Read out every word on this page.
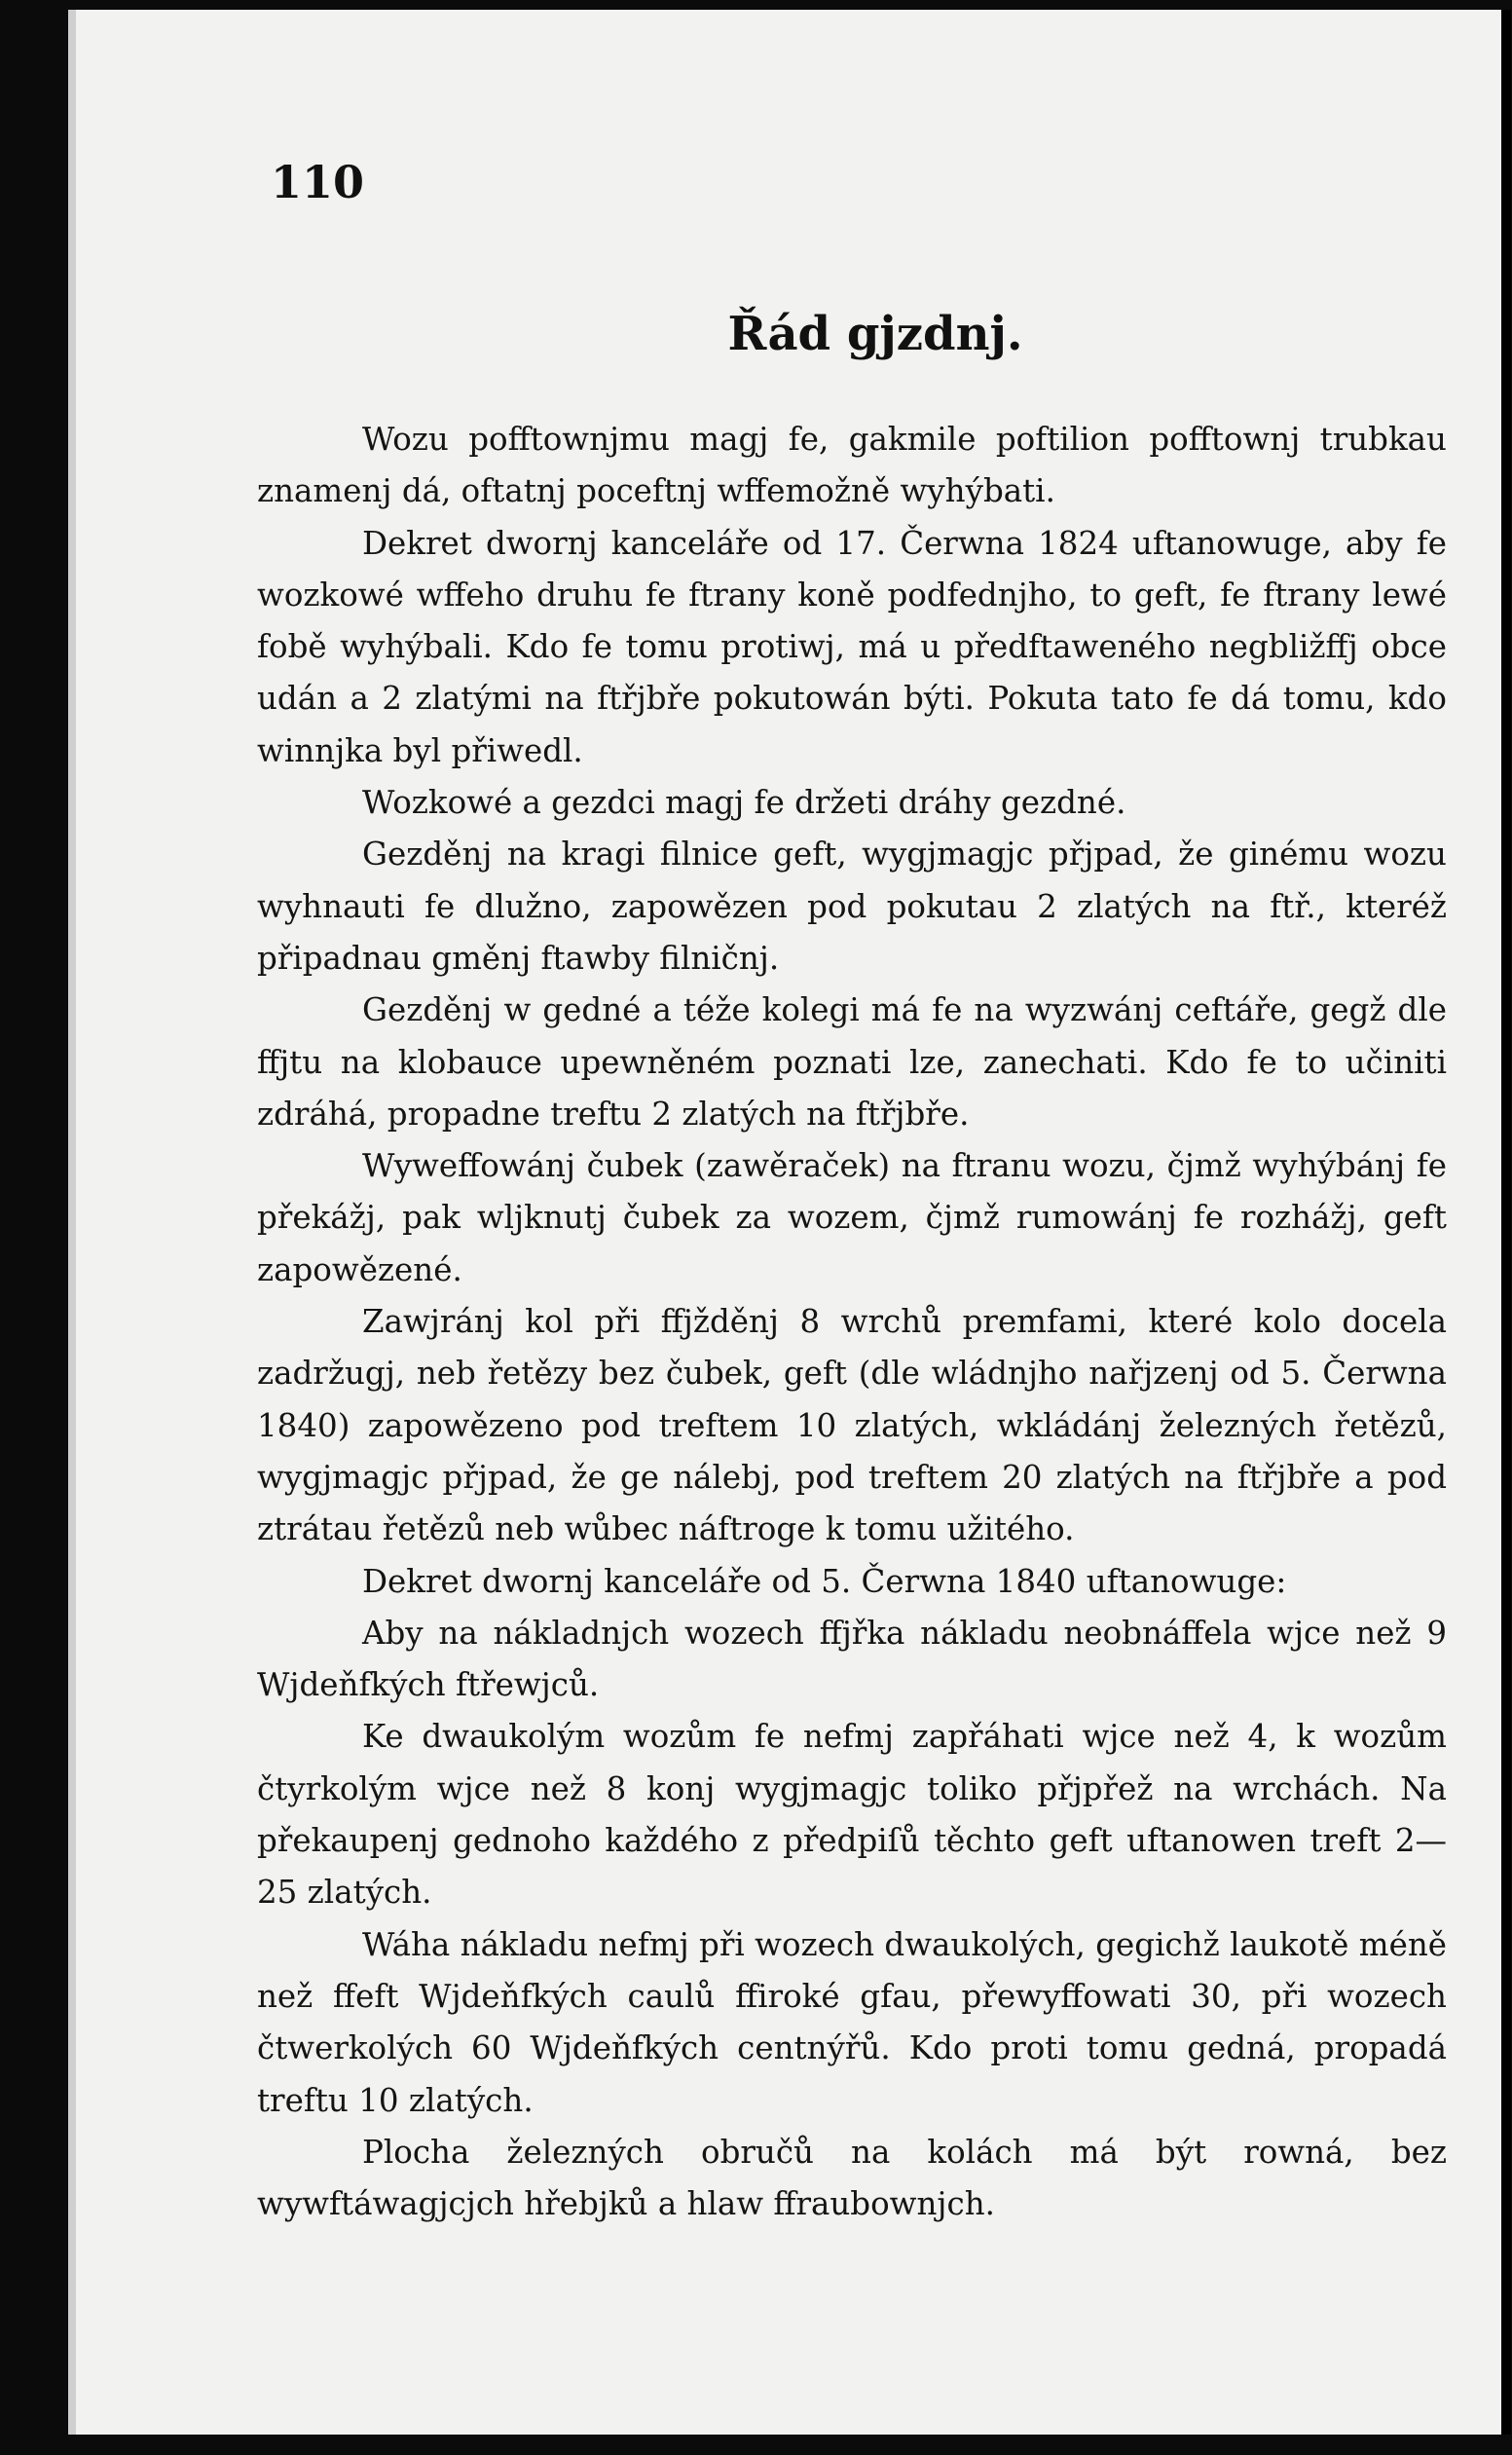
110
Řád gjzdnj.

Wozu pofftownjmu magj fe, gakmile poftilion pofftownj trubkau znamenj dá, oftatnj poceftnj wffemožně wyhýbati.

Dekret dwornj kanceláře od 17. Čerwna 1824 uftanowuge, aby fe wozkowé wffeho druhu fe ftrany koně podfednjho, to geft, fe ftrany lewé fobě wyhýbali. Kdo fe tomu protiwj, má u předftaweného negbližffj obce udán a 2 zlatými na ftřjbře pokutowán býti. Pokuta tato fe dá tomu, kdo winnjka byl přiwedl.

Wozkowé a gezdci magj fe držeti dráhy gezdné.

Gezděnj na kragi filnice geft, wygjmagjc přjpad, že ginému wozu wyhnauti fe dlužno, zapowězen pod pokutau 2 zlatých na ftř., kteréž připadnau gměnj ftawby filničnj.

Gezděnj w gedné a téže kolegi má fe na wyzwánj ceftáře, gegž dle ffjtu na klobauce upewněném poznati lze, zanechati. Kdo fe to učiniti zdráhá, propadne treftu 2 zlatých na ftřjbře.

Wyweffowánj čubek (zawěraček) na ftranu wozu, čjmž wyhýbánj fe překážj, pak wljknutj čubek za wozem, čjmž rumowánj fe rozhážj, geft zapowězené.

Zawjránj kol při ffjžděnj 8 wrchů premfami, které kolo docela zadržugj, neb řetězy bez čubek, geft (dle wládnjho nařjzenj od 5. Čerwna 1840) zapowězeno pod treftem 10 zlatých, wkládánj železných řetězů, wygjmagjc přjpad, že ge nálebj, pod treftem 20 zlatých na ftřjbře a pod ztrátau řetězů neb wůbec náftroge k tomu užitého.

Dekret dwornj kanceláře od 5. Čerwna 1840 uftanowuge:

Aby na nákladnjch wozech ffjřka nákladu neobnáffela wjce než 9 Wjdeňfkých ftřewjců.

Ke dwaukolým wozům fe nefmj zapřáhati wjce než 4, k wozům čtyrkolým wjce než 8 konj wygjmagjc toliko přjpřež na wrchách. Na překaupenj gednoho každého z předpiſů těchto geft uftanowen treft 2—25 zlatých.

Wáha nákladu nefmj při wozech dwaukolých, gegichž laukotě méně než ffeft Wjdeňfkých caulů ffiroké gfau, přewyffowati 30, při wozech čtwerkolých 60 Wjdeňfkých centnýřů. Kdo proti tomu gedná, propadá treftu 10 zlatých.

Plocha železných obručů na kolách má být rowná, bez wywftáwagjcjch hřebjků a hlaw ffraubownjch.
